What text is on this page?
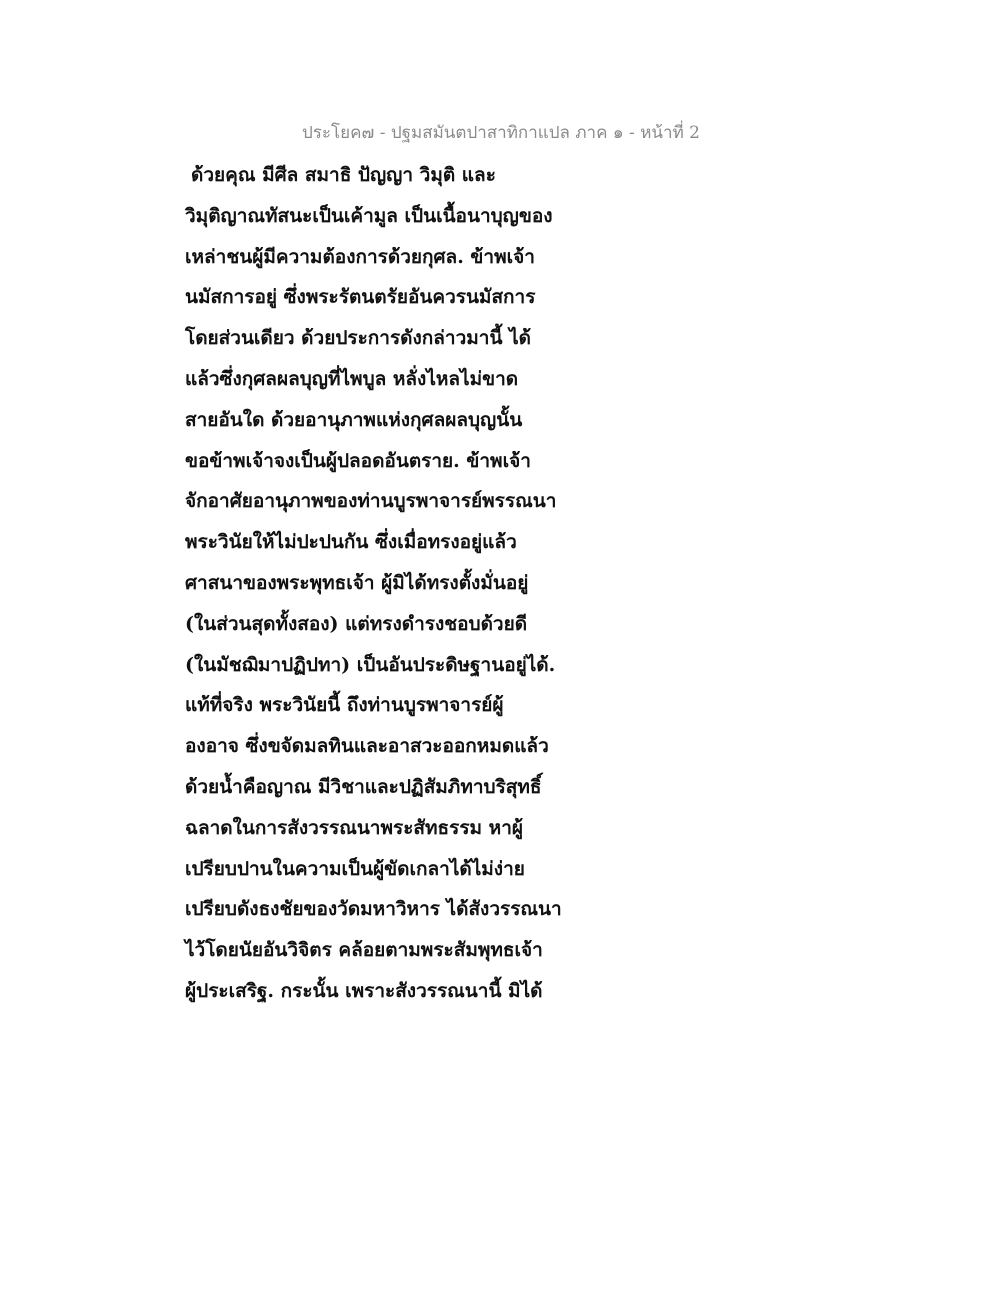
ประโยค๗ - ปฐมสมันตปาสาทิกาแปล ภาค ๑ - หน้าที่ 2
ด้วยคุณ มีศีล สมาธิ ปัญญา วิมุติ และ
วิมุติญาณทัสนะเป็นเค้ามูล เป็นเนื้อนาบุญของ
เหล่าชนผู้มีความต้องการด้วยกุศล. ข้าพเจ้า
นมัสการอยู่ ซึ่งพระรัตนตรัยอันควรนมัสการ
โดยส่วนเดียว ด้วยประการดังกล่าวมานี้ ได้
แล้วซึ่งกุศลผลบุญที่ไพบูล หลั่งไหลไม่ขาด
สายอันใด ด้วยอานุภาพแห่งกุศลผลบุญนั้น
ขอข้าพเจ้าจงเป็นผู้ปลอดอันตราย. ข้าพเจ้า
จักอาศัยอานุภาพของท่านบูรพาจารย์พรรณนา
พระวินัยให้ไม่ปะปนกัน ซึ่งเมื่อทรงอยู่แล้ว
ศาสนาของพระพุทธเจ้า ผู้มิได้ทรงตั้งมั่นอยู่
(ในส่วนสุดทั้งสอง) แต่ทรงดำรงชอบด้วยดี
(ในมัชฌิมาปฏิปทา) เป็นอันประดิษฐานอยู่ได้.
แท้ที่จริง พระวินัยนี้ ถึงท่านบูรพาจารย์ผู้
องอาจ ซึ่งขจัดมลทินและอาสวะออกหมดแล้ว
ด้วยน้ำคือญาณ มีวิชาและปฏิสัมภิทาบริสุทธิ์
ฉลาดในการสังวรรณนาพระสัทธรรม หาผู้
เปรียบปานในความเป็นผู้ขัดเกลาได้ไม่ง่าย
เปรียบดังธงชัยของวัดมหาวิหาร ได้สังวรรณนา
ไว้โดยนัยอันวิจิตร คล้อยตามพระสัมพุทธเจ้า
ผู้ประเสริฐ. กระนั้น เพราะสังวรรณนานี้ มิได้
